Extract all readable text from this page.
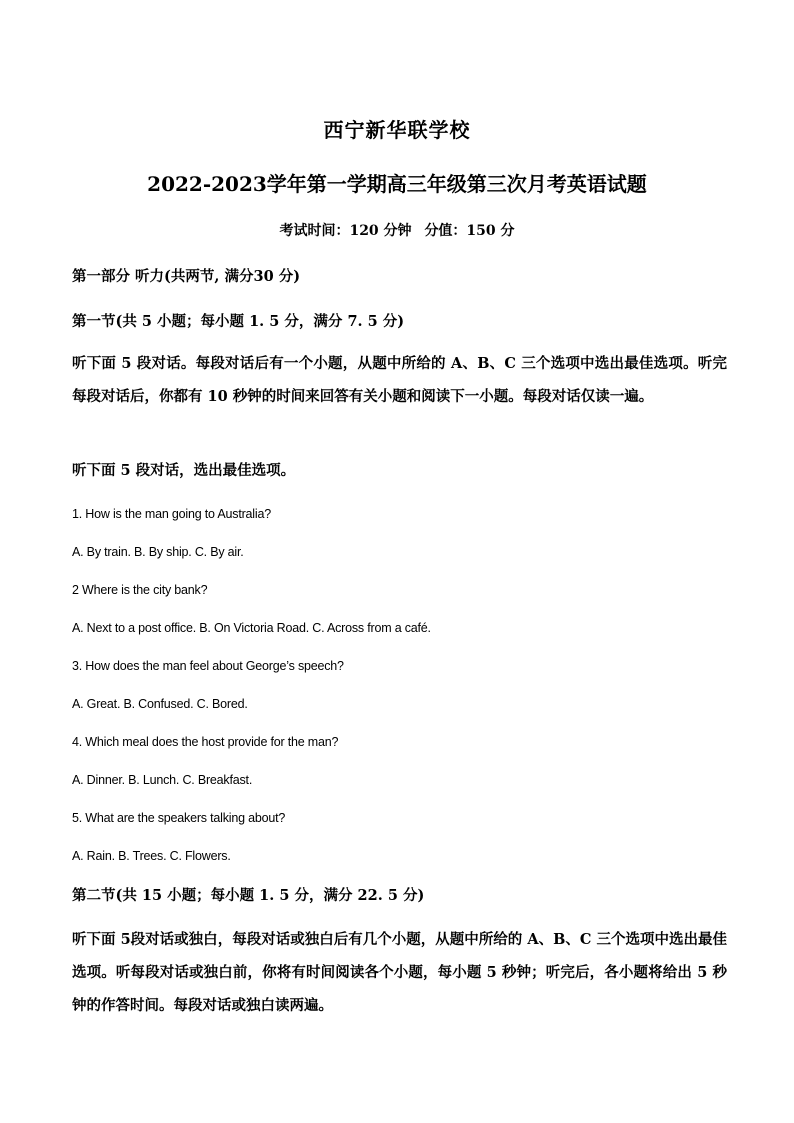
西宁新华联学校
2022-2023学年第一学期高三年级第三次月考英语试题
考试时间：120 分钟 分值：150 分
第一部分 听力(共两节, 满分30 分)
第一节(共 5 小题；每小题 1. 5 分，满分 7. 5 分)
听下面 5 段对话。每段对话后有一个小题，从题中所给的 A、B、C 三个选项中选出最佳选项。听完每段对话后，你都有 10 秒钟的时间来回答有关小题和阅读下一小题。每段对话仅读一遍。
听下面 5 段对话，选出最佳选项。
1. How is the man going to Australia?
A. By train. B. By ship. C. By air.
2 Where is the city bank?
A. Next to a post office. B. On Victoria Road. C. Across from a café.
3. How does the man feel about George’s speech?
A. Great. B. Confused. C. Bored.
4. Which meal does the host provide for the man?
A. Dinner. B. Lunch. C. Breakfast.
5. What are the speakers talking about?
A. Rain. B. Trees. C. Flowers.
第二节(共 15 小题；每小题 1. 5 分，满分 22. 5 分)
听下面 5段对话或独白，每段对话或独白后有几个小题，从题中所给的 A、B、C 三个选项中选出最佳选项。听每段对话或独白前，你将有时间阅读各个小题，每小题 5 秒钟；听完后，各小题将给出 5 秒钟的作答时间。每段对话或独白读两遍。
